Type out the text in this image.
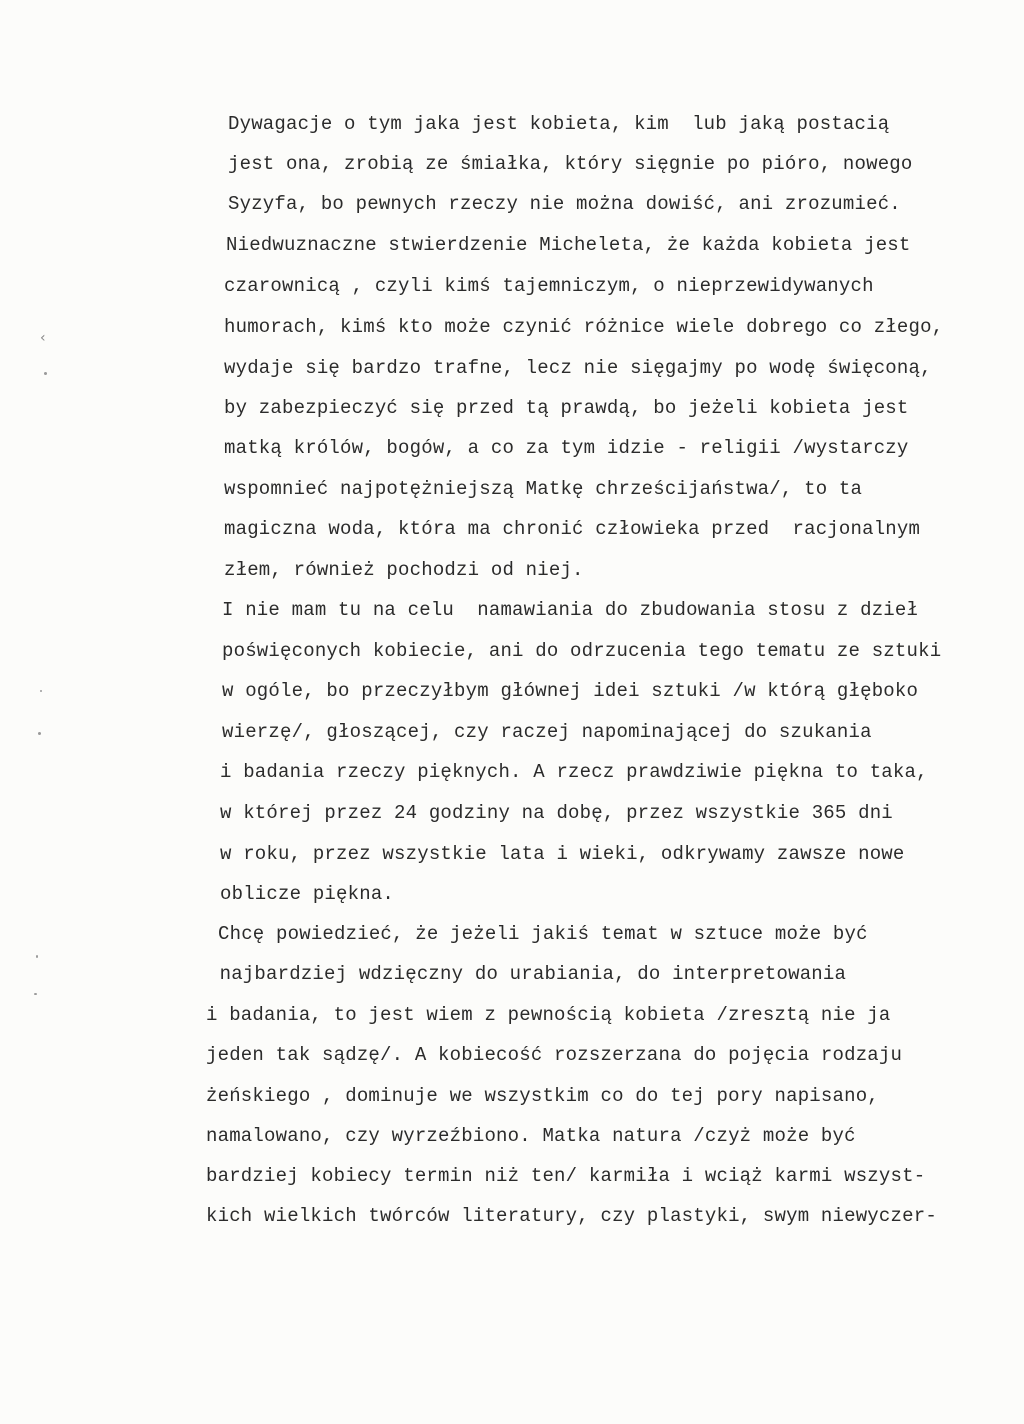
‹
Dywagacje o tym jaka jest kobieta, kim  lub jaką postacią
jest ona, zrobią ze śmiałka, który sięgnie po pióro, nowego
Syzyfa, bo pewnych rzeczy nie można dowiść, ani zrozumieć.
Niedwuznaczne stwierdzenie Micheleta, że każda kobieta jest
czarownicą , czyli kimś tajemniczym, o nieprzewidywanych
humorach, kimś kto może czynić różnice wiele dobrego co złego,
wydaje się bardzo trafne, lecz nie sięgajmy po wodę święconą,
by zabezpieczyć się przed tą prawdą, bo jeżeli kobieta jest
matką królów, bogów, a co za tym idzie - religii /wystarczy
wspomnieć najpotężniejszą Matkę chrześcijaństwa/, to ta
magiczna woda, która ma chronić człowieka przed  racjonalnym
złem, również pochodzi od niej.
I nie mam tu na celu  namawiania do zbudowania stosu z dzieł
poświęconych kobiecie, ani do odrzucenia tego tematu ze sztuki
w ogóle, bo przeczyłbym głównej idei sztuki /w którą głęboko
wierzę/, głoszącej, czy raczej napominającej do szukania
i badania rzeczy pięknych. A rzecz prawdziwie piękna to taka,
w której przez 24 godziny na dobę, przez wszystkie 365 dni
w roku, przez wszystkie lata i wieki, odkrywamy zawsze nowe
oblicze piękna.
Chcę powiedzieć, że jeżeli jakiś temat w sztuce może być
najbardziej wdzięczny do urabiania, do interpretowania
i badania, to jest wiem z pewnością kobieta /zresztą nie ja
jeden tak sądzę/. A kobiecość rozszerzana do pojęcia rodzaju
żeńskiego , dominuje we wszystkim co do tej pory napisano,
namalowano, czy wyrzeźbiono. Matka natura /czyż może być
bardziej kobiecy termin niż ten/ karmiła i wciąż karmi wszyst-
kich wielkich twórców literatury, czy plastyki, swym niewyczer-
